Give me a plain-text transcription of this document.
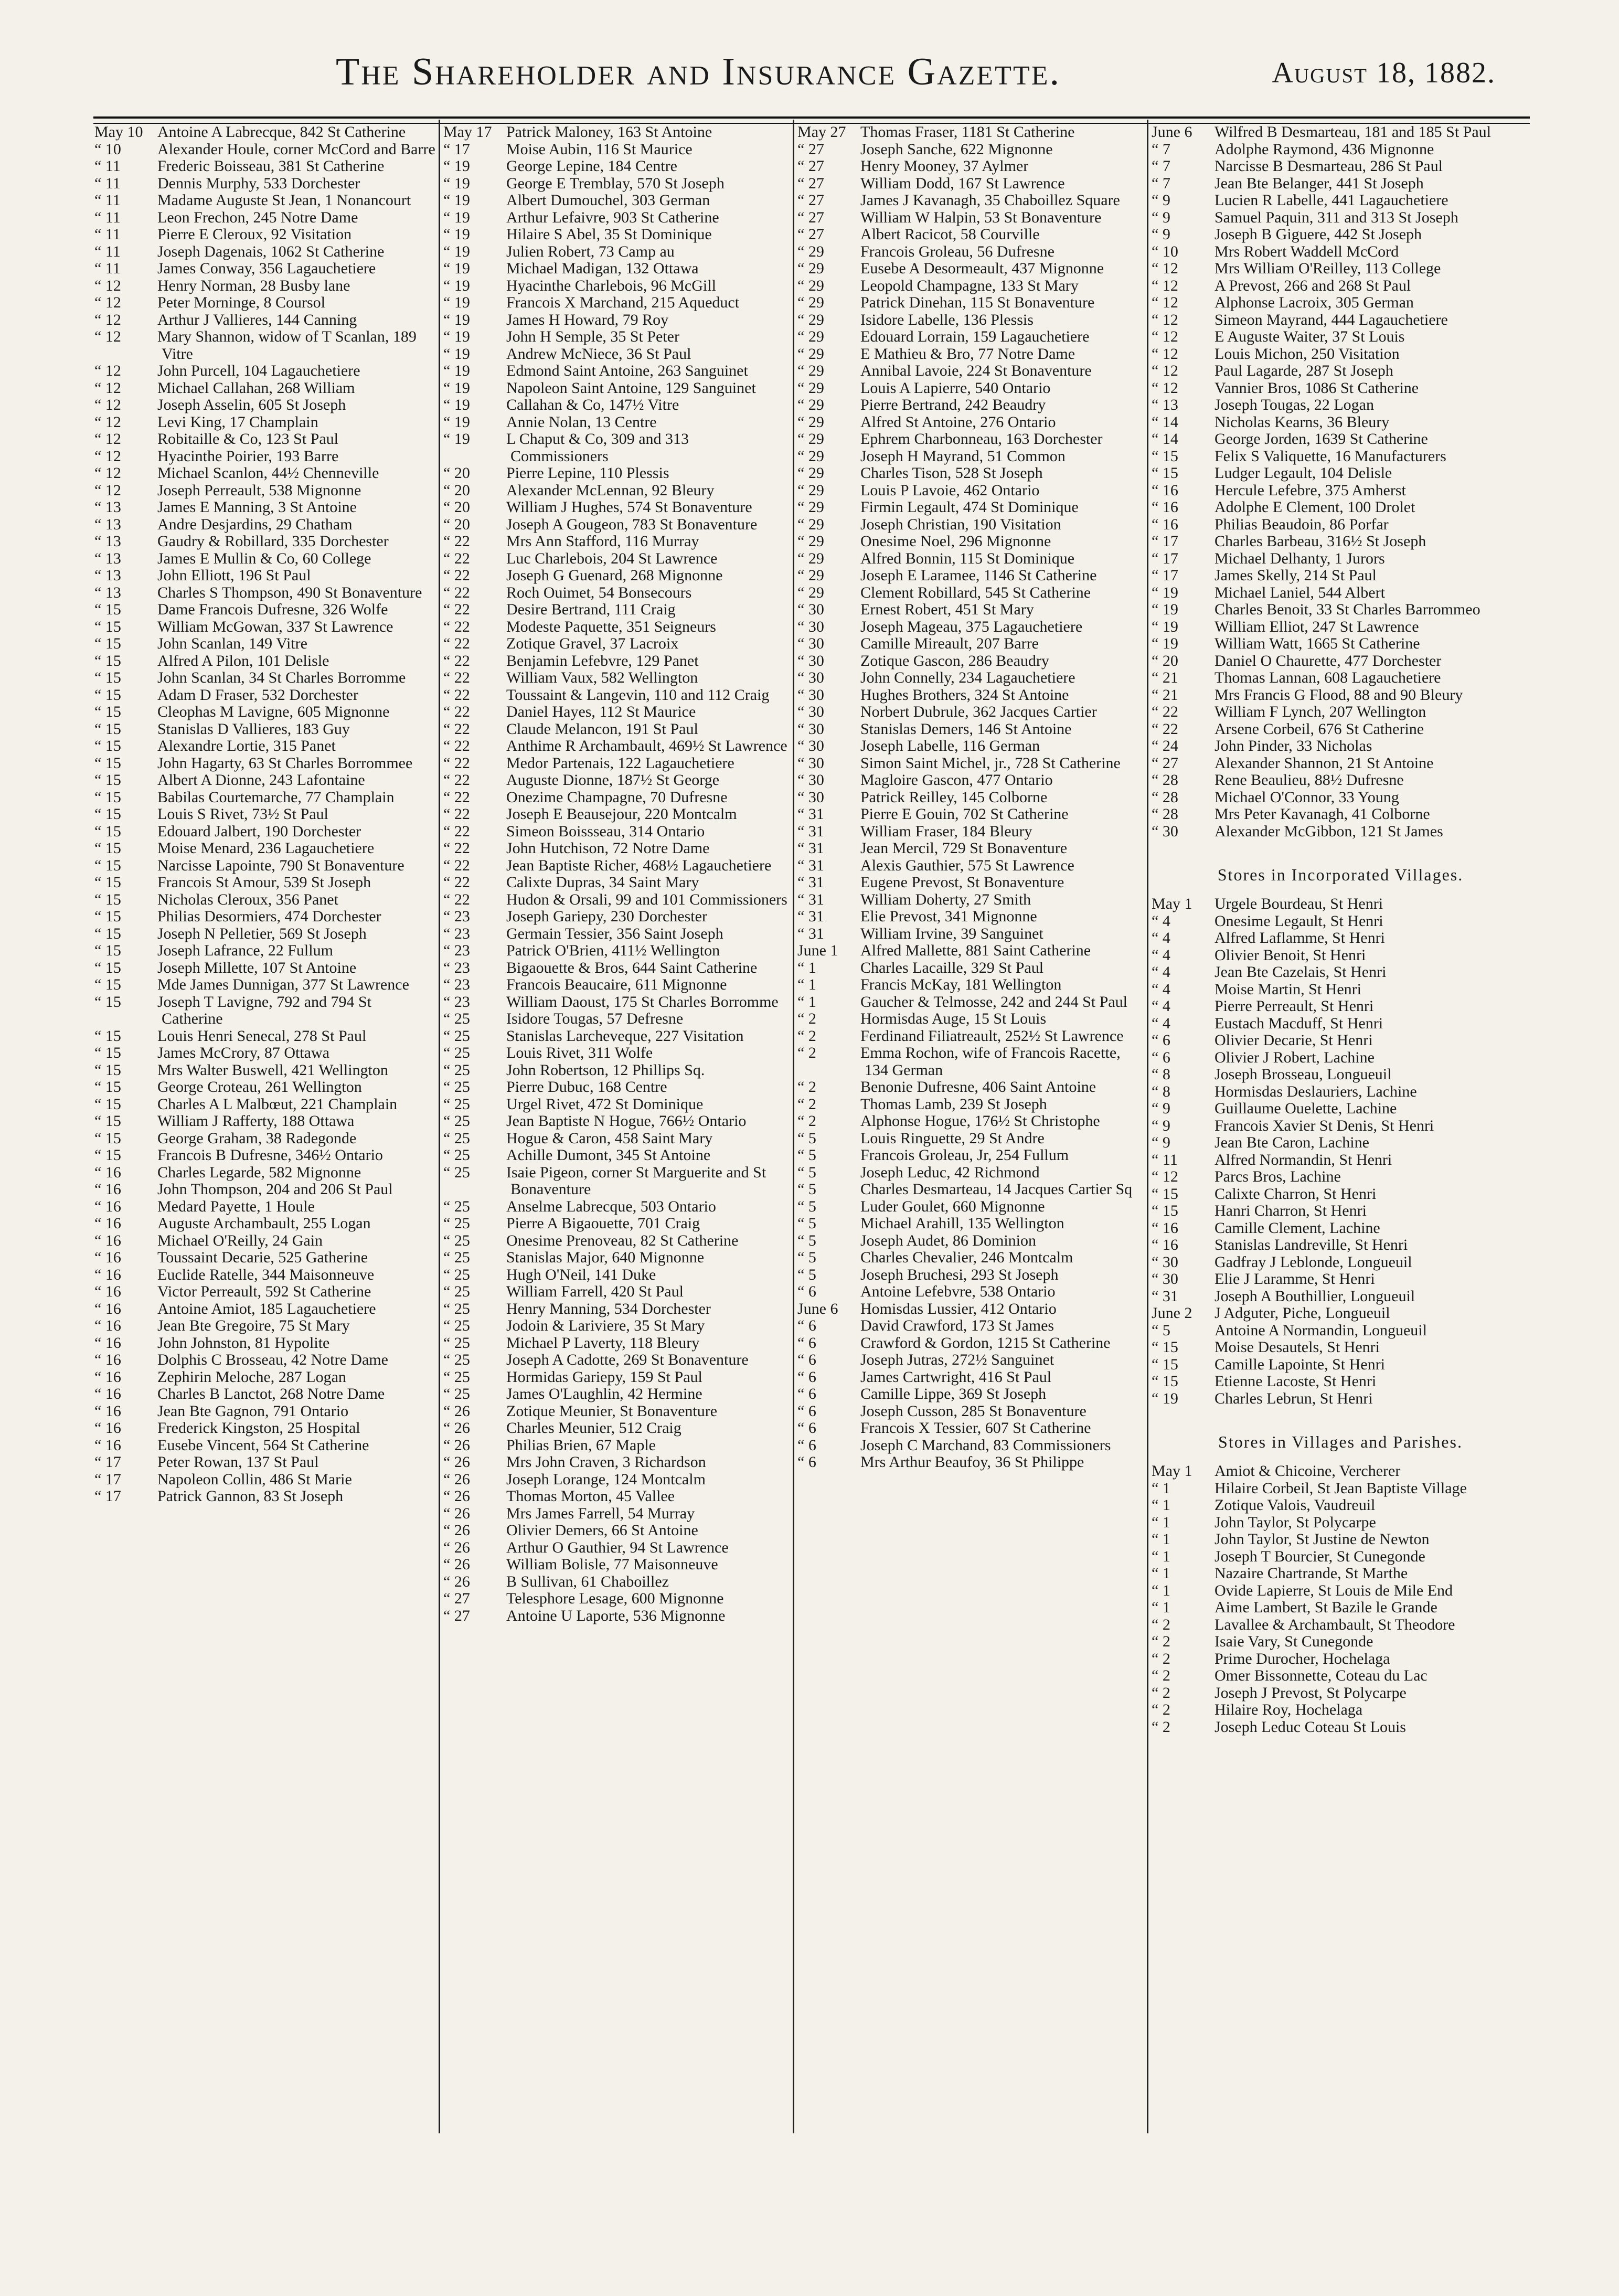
The Shareholder and Insurance Gazette.	August 18, 1882.

May 10 Antoine A Labrecque, 842 St Catherine

“ 10 Alexander Houle, corner McCord and Barre

“ 11 Frederic Boisseau, 381 St Catherine

“ 11 Dennis Murphy, 533 Dorchester

“ 11 Madame Auguste St Jean, 1 Nonancourt

“ 11 Leon Frechon, 245 Notre Dame

“ 11 Pierre E Cleroux, 92 Visitation

“ 11 Joseph Dagenais, 1062 St Catherine

“ 11 James Conway, 356 Lagauchetiere

“ 12 Henry Norman, 28 Busby lane

“ 12 Peter Morninge, 8 Coursol

“ 12 Arthur J Vallieres, 144 Canning

“ 12 Mary Shannon, widow of T Scanlan, 189 Vitre

“ 12 John Purcell, 104 Lagauchetiere

“ 12 Michael Callahan, 268 William

“ 12 Joseph Asselin, 605 St Joseph

“ 12 Levi King, 17 Champlain

“ 12 Robitaille & Co, 123 St Paul

“ 12 Hyacinthe Poirier, 193 Barre

“ 12 Michael Scanlon, 44½ Chenneville

“ 12 Joseph Perreault, 538 Mignonne

“ 13 James E Manning, 3 St Antoine

“ 13 Andre Desjardins, 29 Chatham

“ 13 Gaudry & Robillard, 335 Dorchester

“ 13 James E Mullin & Co, 60 College

“ 13 John Elliott, 196 St Paul

“ 13 Charles S Thompson, 490 St Bonaventure

“ 15 Dame Francois Dufresne, 326 Wolfe

“ 15 William McGowan, 337 St Lawrence

“ 15 John Scanlan, 149 Vitre

“ 15 Alfred A Pilon, 101 Delisle

“ 15 John Scanlan, 34 St Charles Borromme

“ 15 Adam D Fraser, 532 Dorchester

“ 15 Cleophas M Lavigne, 605 Mignonne

“ 15 Stanislas D Vallieres, 183 Guy

“ 15 Alexandre Lortie, 315 Panet

“ 15 John Hagarty, 63 St Charles Borrommee

“ 15 Albert A Dionne, 243 Lafontaine

“ 15 Babilas Courtemarche, 77 Champlain

“ 15 Louis S Rivet, 73½ St Paul

“ 15 Edouard Jalbert, 190 Dorchester

“ 15 Moise Menard, 236 Lagauchetiere

“ 15 Narcisse Lapointe, 790 St Bonaventure

“ 15 Francois St Amour, 539 St Joseph

“ 15 Nicholas Cleroux, 356 Panet

“ 15 Philias Desormiers, 474 Dorchester

“ 15 Joseph N Pelletier, 569 St Joseph

“ 15 Joseph Lafrance, 22 Fullum

“ 15 Joseph Millette, 107 St Antoine

“ 15 Mde James Dunnigan, 377 St Lawrence

“ 15 Joseph T Lavigne, 792 and 794 St Catherine

“ 15 Louis Henri Senecal, 278 St Paul

“ 15 James McCrory, 87 Ottawa

“ 15 Mrs Walter Buswell, 421 Wellington

“ 15 George Croteau, 261 Wellington

“ 15 Charles A L Malbœut, 221 Champlain

“ 15 William J Rafferty, 188 Ottawa

“ 15 George Graham, 38 Radegonde

“ 15 Francois B Dufresne, 346½ Ontario

“ 16 Charles Legarde, 582 Mignonne

“ 16 John Thompson, 204 and 206 St Paul

“ 16 Medard Payette, 1 Houle

“ 16 Auguste Archambault, 255 Logan

“ 16 Michael O'Reilly, 24 Gain

“ 16 Toussaint Decarie, 525 Gatherine

“ 16 Euclide Ratelle, 344 Maisonneuve

“ 16 Victor Perreault, 592 St Catherine

“ 16 Antoine Amiot, 185 Lagauchetiere

“ 16 Jean Bte Gregoire, 75 St Mary

“ 16 John Johnston, 81 Hypolite

“ 16 Dolphis C Brosseau, 42 Notre Dame

“ 16 Zephirin Meloche, 287 Logan

“ 16 Charles B Lanctot, 268 Notre Dame

“ 16 Jean Bte Gagnon, 791 Ontario

“ 16 Frederick Kingston, 25 Hospital

“ 16 Eusebe Vincent, 564 St Catherine

“ 17 Peter Rowan, 137 St Paul

“ 17 Napoleon Collin, 486 St Marie

“ 17 Patrick Gannon, 83 St Joseph

May 17 Patrick Maloney, 163 St Antoine

“ 17 Moise Aubin, 116 St Maurice

“ 19 George Lepine, 184 Centre

“ 19 George E Tremblay, 570 St Joseph

“ 19 Albert Dumouchel, 303 German

“ 19 Arthur Lefaivre, 903 St Catherine

“ 19 Hilaire S Abel, 35 St Dominique

“ 19 Julien Robert, 73 Camp au

“ 19 Michael Madigan, 132 Ottawa

“ 19 Hyacinthe Charlebois, 96 McGill

“ 19 Francois X Marchand, 215 Aqueduct

“ 19 James H Howard, 79 Roy

“ 19 John H Semple, 35 St Peter

“ 19 Andrew McNiece, 36 St Paul

“ 19 Edmond Saint Antoine, 263 Sanguinet

“ 19 Napoleon Saint Antoine, 129 Sanguinet

“ 19 Callahan & Co, 147½ Vitre

“ 19 Annie Nolan, 13 Centre

“ 19 L Chaput & Co, 309 and 313 Commissioners

“ 20 Pierre Lepine, 110 Plessis

“ 20 Alexander McLennan, 92 Bleury

“ 20 William J Hughes, 574 St Bonaventure

“ 20 Joseph A Gougeon, 783 St Bonaventure

“ 22 Mrs Ann Stafford, 116 Murray

“ 22 Luc Charlebois, 204 St Lawrence

“ 22 Joseph G Guenard, 268 Mignonne

“ 22 Roch Ouimet, 54 Bonsecours

“ 22 Desire Bertrand, 111 Craig

“ 22 Modeste Paquette, 351 Seigneurs

“ 22 Zotique Gravel, 37 Lacroix

“ 22 Benjamin Lefebvre, 129 Panet

“ 22 William Vaux, 582 Wellington

“ 22 Toussaint & Langevin, 110 and 112 Craig

“ 22 Daniel Hayes, 112 St Maurice

“ 22 Claude Melancon, 191 St Paul

“ 22 Anthime R Archambault, 469½ St Lawrence

“ 22 Medor Partenais, 122 Lagauchetiere

“ 22 Auguste Dionne, 187½ St George

“ 22 Onezime Champagne, 70 Dufresne

“ 22 Joseph E Beausejour, 220 Montcalm

“ 22 Simeon Boissseau, 314 Ontario

“ 22 John Hutchison, 72 Notre Dame

“ 22 Jean Baptiste Richer, 468½ Lagauchetiere

“ 22 Calixte Dupras, 34 Saint Mary

“ 22 Hudon & Orsali, 99 and 101 Commissioners

“ 23 Joseph Gariepy, 230 Dorchester

“ 23 Germain Tessier, 356 Saint Joseph

“ 23 Patrick O'Brien, 411½ Wellington

“ 23 Bigaouette & Bros, 644 Saint Catherine

“ 23 Francois Beaucaire, 611 Mignonne

“ 23 William Daoust, 175 St Charles Borromme

“ 25 Isidore Tougas, 57 Defresne

“ 25 Stanislas Larcheveque, 227 Visitation

“ 25 Louis Rivet, 311 Wolfe

“ 25 John Robertson, 12 Phillips Sq.

“ 25 Pierre Dubuc, 168 Centre

“ 25 Urgel Rivet, 472 St Dominique

“ 25 Jean Baptiste N Hogue, 766½ Ontario

“ 25 Hogue & Caron, 458 Saint Mary

“ 25 Achille Dumont, 345 St Antoine

“ 25 Isaie Pigeon, corner St Marguerite and St Bonaventure

“ 25 Anselme Labrecque, 503 Ontario

“ 25 Pierre A Bigaouette, 701 Craig

“ 25 Onesime Prenoveau, 82 St Catherine

“ 25 Stanislas Major, 640 Mignonne

“ 25 Hugh O'Neil, 141 Duke

“ 25 William Farrell, 420 St Paul

“ 25 Henry Manning, 534 Dorchester

“ 25 Jodoin & Lariviere, 35 St Mary

“ 25 Michael P Laverty, 118 Bleury

“ 25 Joseph A Cadotte, 269 St Bonaventure

“ 25 Hormidas Gariepy, 159 St Paul

“ 25 James O'Laughlin, 42 Hermine

“ 26 Zotique Meunier, St Bonaventure

“ 26 Charles Meunier, 512 Craig

“ 26 Philias Brien, 67 Maple

“ 26 Mrs John Craven, 3 Richardson

“ 26 Joseph Lorange, 124 Montcalm

“ 26 Thomas Morton, 45 Vallee

“ 26 Mrs James Farrell, 54 Murray

“ 26 Olivier Demers, 66 St Antoine

“ 26 Arthur O Gauthier, 94 St Lawrence

“ 26 William Bolisle, 77 Maisonneuve

“ 26 B Sullivan, 61 Chaboillez

“ 27 Telesphore Lesage, 600 Mignonne

“ 27 Antoine U Laporte, 536 Mignonne

May 27 Thomas Fraser, 1181 St Catherine

“ 27 Joseph Sanche, 622 Mignonne

“ 27 Henry Mooney, 37 Aylmer

“ 27 William Dodd, 167 St Lawrence

“ 27 James J Kavanagh, 35 Chaboillez Square

“ 27 William W Halpin, 53 St Bonaventure

“ 27 Albert Racicot, 58 Courville

“ 29 Francois Groleau, 56 Dufresne

“ 29 Eusebe A Desormeault, 437 Mignonne

“ 29 Leopold Champagne, 133 St Mary

“ 29 Patrick Dinehan, 115 St Bonaventure

“ 29 Isidore Labelle, 136 Plessis

“ 29 Edouard Lorrain, 159 Lagauchetiere

“ 29 E Mathieu & Bro, 77 Notre Dame

“ 29 Annibal Lavoie, 224 St Bonaventure

“ 29 Louis A Lapierre, 540 Ontario

“ 29 Pierre Bertrand, 242 Beaudry

“ 29 Alfred St Antoine, 276 Ontario

“ 29 Ephrem Charbonneau, 163 Dorchester

“ 29 Joseph H Mayrand, 51 Common

“ 29 Charles Tison, 528 St Joseph

“ 29 Louis P Lavoie, 462 Ontario

“ 29 Firmin Legault, 474 St Dominique

“ 29 Joseph Christian, 190 Visitation

“ 29 Onesime Noel, 296 Mignonne

“ 29 Alfred Bonnin, 115 St Dominique

“ 29 Joseph E Laramee, 1146 St Catherine

“ 29 Clement Robillard, 545 St Catherine

“ 30 Ernest Robert, 451 St Mary

“ 30 Joseph Mageau, 375 Lagauchetiere

“ 30 Camille Mireault, 207 Barre

“ 30 Zotique Gascon, 286 Beaudry

“ 30 John Connelly, 234 Lagauchetiere

“ 30 Hughes Brothers, 324 St Antoine

“ 30 Norbert Dubrule, 362 Jacques Cartier

“ 30 Stanislas Demers, 146 St Antoine

“ 30 Joseph Labelle, 116 German

“ 30 Simon Saint Michel, jr., 728 St Catherine

“ 30 Magloire Gascon, 477 Ontario

“ 30 Patrick Reilley, 145 Colborne

“ 31 Pierre E Gouin, 702 St Catherine

“ 31 William Fraser, 184 Bleury

“ 31 Jean Mercil, 729 St Bonaventure

“ 31 Alexis Gauthier, 575 St Lawrence

“ 31 Eugene Prevost, St Bonaventure

“ 31 William Doherty, 27 Smith

“ 31 Elie Prevost, 341 Mignonne

“ 31 William Irvine, 39 Sanguinet

June 1 Alfred Mallette, 881 Saint Catherine

“ 1	Charles Lacaille, 329 St Paul

“ 1	Francis McKay, 181 Wellington

“ 1	Gaucher & Telmosse, 242 and 244 St Paul

“ 2	Hormisdas Auge, 15 St Louis

“ 2	Ferdinand Filiatreault, 252½ St Lawrence

“ 2	Emma Rochon, wife of Francois Racette, 134 German

“ 2	Benonie Dufresne, 406 Saint Antoine

“ 2	Thomas Lamb, 239 St Joseph

“ 2	Alphonse Hogue, 176½ St Christophe

“ 5	Louis Ringuette, 29 St Andre

“ 5	Francois Groleau, Jr, 254 Fullum

“ 5	Joseph Leduc, 42 Richmond

“ 5	Charles Desmarteau, 14 Jacques Cartier Sq

“ 5	Luder Goulet, 660 Mignonne

“ 5	Michael Arahill, 135 Wellington

“ 5	Joseph Audet, 86 Dominion

“ 5	Charles Chevalier, 246 Montcalm

“ 5	Joseph Bruchesi, 293 St Joseph

“ 6	Antoine Lefebvre, 538 Ontario

June 6 Homisdas Lussier, 412 Ontario

“ 6	David Crawford, 173 St James

“ 6	Crawford & Gordon, 1215 St Catherine

“ 6	Joseph Jutras, 272½ Sanguinet

“ 6	James Cartwright, 416 St Paul

“ 6	Camille Lippe, 369 St Joseph

“ 6	Joseph Cusson, 285 St Bonaventure

“ 6	Francois X Tessier, 607 St Catherine

“ 6	Joseph C Marchand, 83 Commissioners

“ 6	Mrs Arthur Beaufoy, 36 St Philippe

June 6 Wilfred B Desmarteau, 181 and 185 St Paul

“ 7	Adolphe Raymond, 436 Mignonne

“ 7	Narcisse B Desmarteau, 286 St Paul

“ 7	Jean Bte Belanger, 441 St Joseph

“ 9	Lucien R Labelle, 441 Lagauchetiere

“ 9	Samuel Paquin, 311 and 313 St Joseph

“ 9	Joseph B Giguere, 442 St Joseph

“ 10 Mrs Robert Waddell McCord

“ 12 Mrs William O'Reilley, 113 College

“ 12 A Prevost, 266 and 268 St Paul

“ 12 Alphonse Lacroix, 305 German

“ 12 Simeon Mayrand, 444 Lagauchetiere

“ 12 E Auguste Waiter, 37 St Louis

“ 12 Louis Michon, 250 Visitation

“ 12 Paul Lagarde, 287 St Joseph

“ 12 Vannier Bros, 1086 St Catherine

“ 13 Joseph Tougas, 22 Logan

“ 14 Nicholas Kearns, 36 Bleury

“ 14 George Jorden, 1639 St Catherine

“ 15 Felix S Valiquette, 16 Manufacturers

“ 15 Ludger Legault, 104 Delisle

“ 16 Hercule Lefebre, 375 Amherst

“ 16 Adolphe E Clement, 100 Drolet

“ 16 Philias Beaudoin, 86 Porfar

“ 17 Charles Barbeau, 316½ St Joseph

“ 17 Michael Delhanty, 1 Jurors

“ 17 James Skelly, 214 St Paul

“ 19 Michael Laniel, 544 Albert

“ 19 Charles Benoit, 33 St Charles Barrommeo

“ 19 William Elliot, 247 St Lawrence

“ 19 William Watt, 1665 St Catherine

“ 20 Daniel O Chaurette, 477 Dorchester

“ 21 Thomas Lannan, 608 Lagauchetiere

“ 21 Mrs Francis G Flood, 88 and 90 Bleury

“ 22 William F Lynch, 207 Wellington

“ 22 Arsene Corbeil, 676 St Catherine

“ 24 John Pinder, 33 Nicholas

“ 27 Alexander Shannon, 21 St Antoine

“ 28 Rene Beaulieu, 88½ Dufresne

“ 28 Michael O'Connor, 33 Young

“ 28 Mrs Peter Kavanagh, 41 Colborne

“ 30 Alexander McGibbon, 121 St James

Stores in Incorporated Villages.

May 1 Urgele Bourdeau, St Henri

“ 4	Onesime Legault, St Henri

“ 4	Alfred Laflamme, St Henri

“ 4	Olivier Benoit, St Henri

“ 4	Jean Bte Cazelais, St Henri

“ 4	Moise Martin, St Henri

“ 4	Pierre Perreault, St Henri

“ 4	Eustach Macduff, St Henri

“ 6	Olivier Decarie, St Henri

“ 6	Olivier J Robert, Lachine

“ 8	Joseph Brosseau, Longueuil

“ 8	Hormisdas Deslauriers, Lachine

“ 9	Guillaume Ouelette, Lachine

“ 9	Francois Xavier St Denis, St Henri

“ 9	Jean Bte Caron, Lachine

“ 11 Alfred Normandin, St Henri

“ 12 Parcs Bros, Lachine

“ 15 Calixte Charron, St Henri

“ 15 Hanri Charron, St Henri

“ 16 Camille Clement, Lachine

“ 16 Stanislas Landreville, St Henri

“ 30 Gadfray J Leblonde, Longueuil

“ 30 Elie J Laramme, St Henri

“ 31 Joseph A Bouthillier, Longueuil

June 2 J Adguter, Piche, Longueuil

“ 5	Antoine A Normandin, Longueuil

“ 15 Moise Desautels, St Henri

“ 15 Camille Lapointe, St Henri

“ 15 Etienne Lacoste, St Henri

“ 19 Charles Lebrun, St Henri

Stores in Villages and Parishes.

May 1 Amiot & Chicoine, Vercherer

“ 1	Hilaire Corbeil, St Jean Baptiste Village

“ 1	Zotique Valois, Vaudreuil

“ 1	John Taylor, St Polycarpe

“ 1	John Taylor, St Justine de Newton

“ 1	Joseph T Bourcier, St Cunegonde

“ 1	Nazaire Chartrande, St Marthe

“ 1	Ovide Lapierre, St Louis de Mile End

“ 1	Aime Lambert, St Bazile le Grande

“ 2	Lavallee & Archambault, St Theodore

“ 2	Isaie Vary, St Cunegonde

“ 2	Prime Durocher, Hochelaga

“ 2	Omer Bissonnette, Coteau du Lac

“ 2	Joseph J Prevost, St Polycarpe

“ 2	Hilaire Roy, Hochelaga

“ 2	Joseph Leduc Coteau St Louis
